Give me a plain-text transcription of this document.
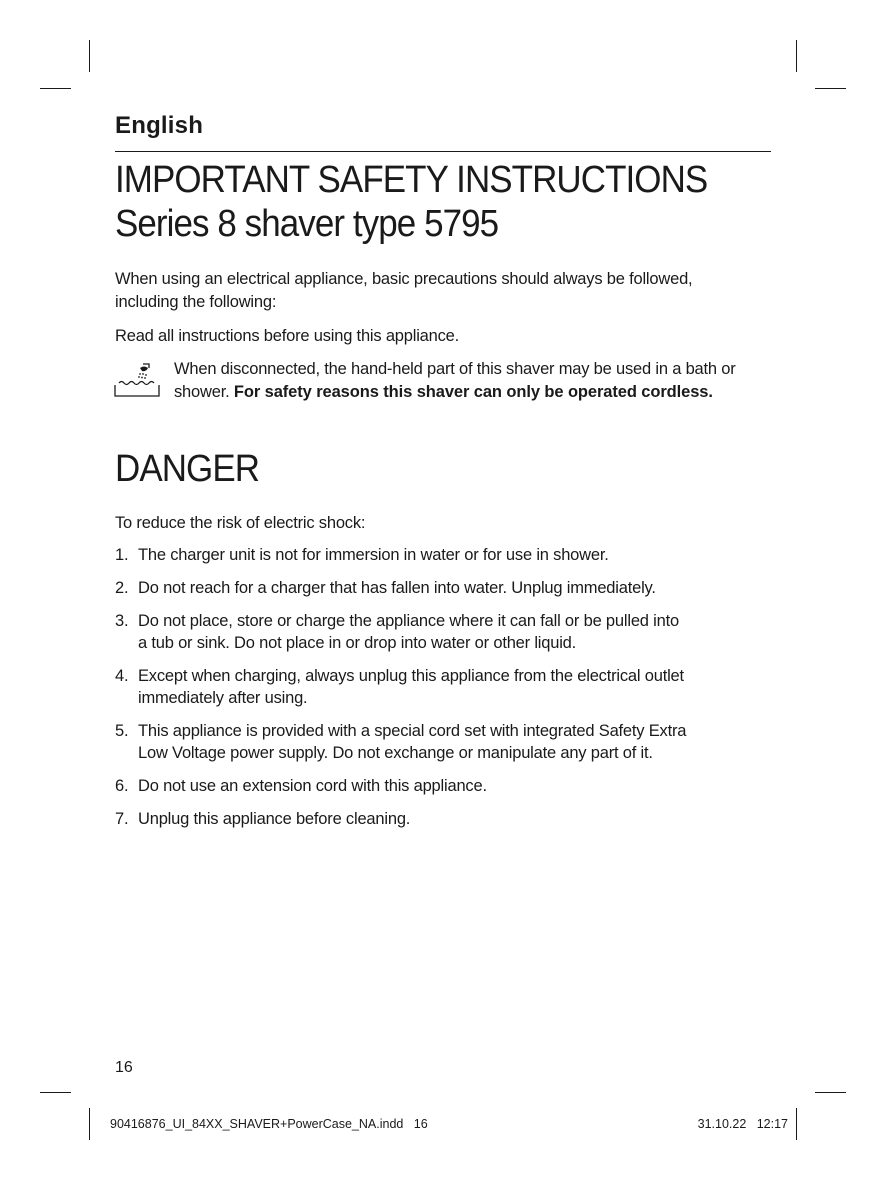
English
IMPORTANT SAFETY INSTRUCTIONS
Series 8 shaver type 5795

When using an electrical appliance, basic precautions should always be followed,
including the following:

Read all instructions before using this appliance.

When disconnected, the hand-held part of this shaver may be used in a bath or
shower. For safety reasons this shaver can only be operated cordless.

DANGER

To reduce the risk of electric shock:

1. The charger unit is not for immersion in water or for use in shower.
2. Do not reach for a charger that has fallen into water. Unplug immediately.
3. Do not place, store or charge the appliance where it can fall or be pulled into
a tub or sink. Do not place in or drop into water or other liquid.
4. Except when charging, always unplug this appliance from the electrical outlet
immediately after using.
5. This appliance is provided with a special cord set with integrated Safety Extra
Low Voltage power supply. Do not exchange or manipulate any part of it.
6. Do not use an extension cord with this appliance.
7. Unplug this appliance before cleaning.
16
90416876_UI_84XX_SHAVER+PowerCase_NA.indd   16	31.10.22   12:17
